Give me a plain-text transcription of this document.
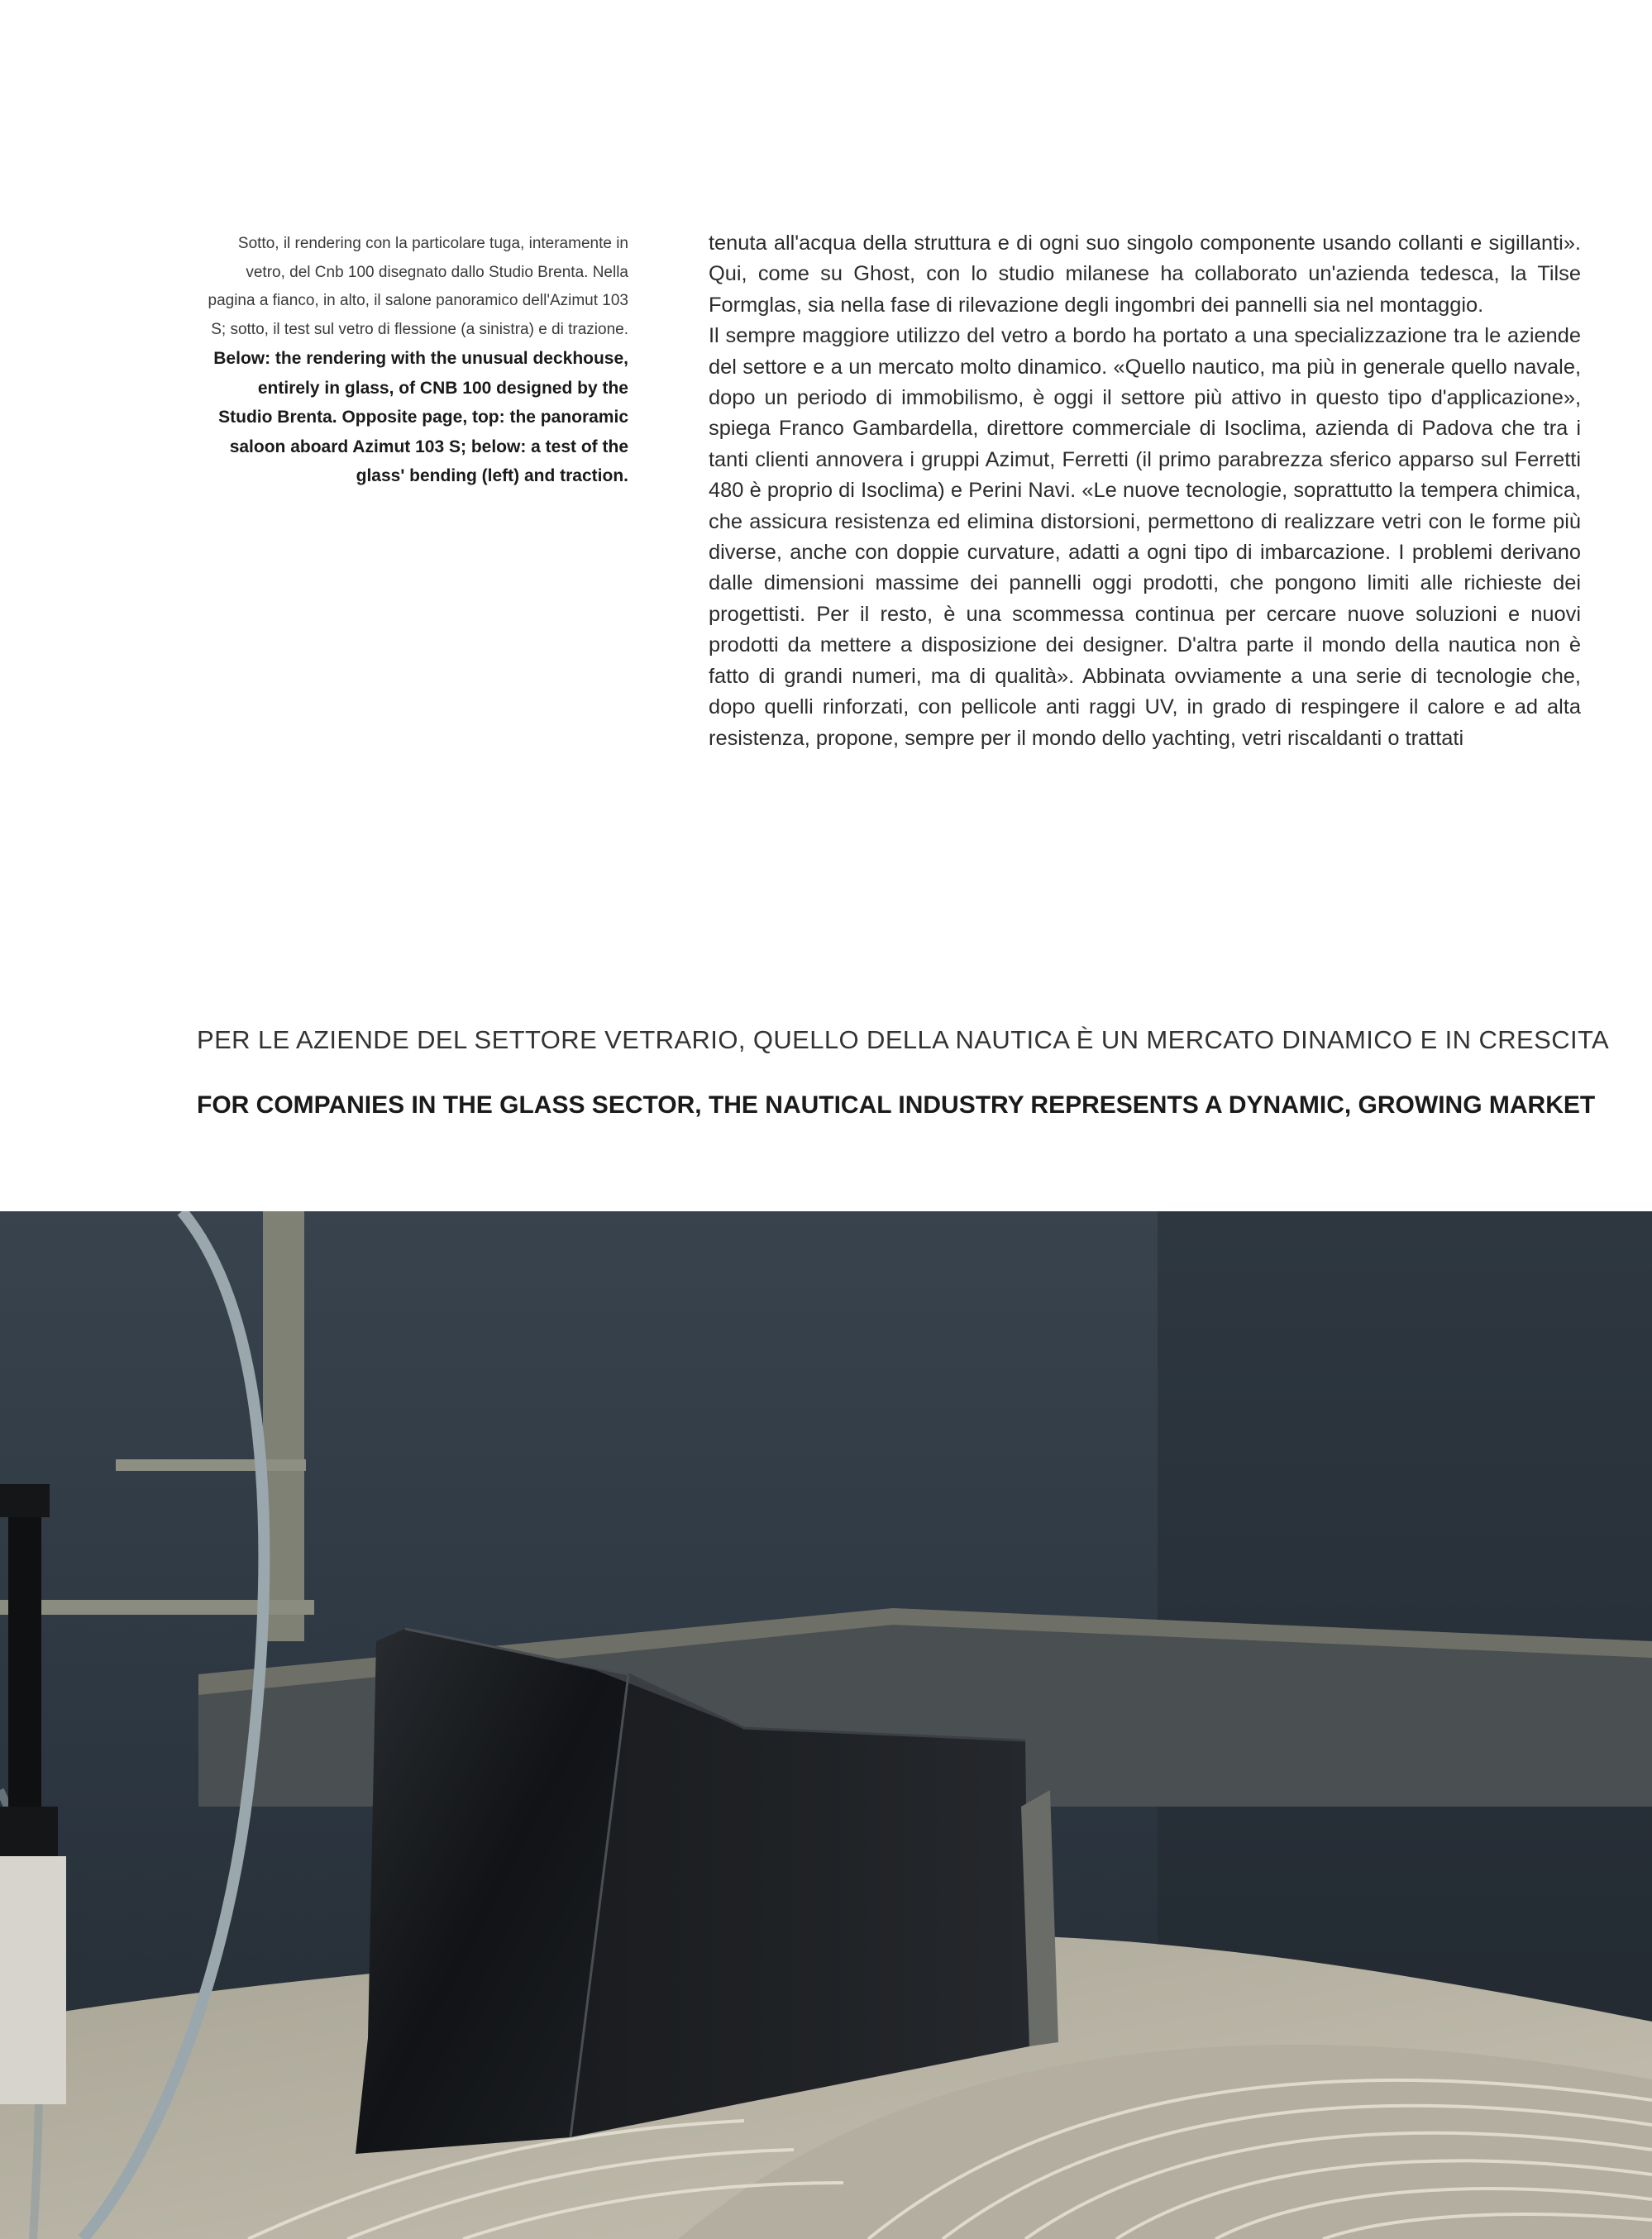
Sotto, il rendering con la particolare tuga, interamente in vetro, del Cnb 100 disegnato dallo Studio Brenta. Nella pagina a fianco, in alto, il salone panoramico dell'Azimut 103 S; sotto, il test sul vetro di flessione (a sinistra) e di trazione.
Below: the rendering with the unusual deckhouse, entirely in glass, of CNB 100 designed by the Studio Brenta. Opposite page, top: the panoramic saloon aboard Azimut 103 S; below: a test of the glass' bending (left) and traction.

tenuta all'acqua della struttura e di ogni suo singolo componente usando collanti e sigillanti». Qui, come su Ghost, con lo studio milanese ha collaborato un'azienda tedesca, la Tilse Formglas, sia nella fase di rilevazione degli ingombri dei pannelli sia nel montaggio.

Il sempre maggiore utilizzo del vetro a bordo ha portato a una specializzazione tra le aziende del settore e a un mercato molto dinamico. «Quello nautico, ma più in generale quello navale, dopo un periodo di immobilismo, è oggi il settore più attivo in questo tipo d'applicazione», spiega Franco Gambardella, direttore commerciale di Isoclima, azienda di Padova che tra i tanti clienti annovera i gruppi Azimut, Ferretti (il primo parabrezza sferico apparso sul Ferretti 480 è proprio di Isoclima) e Perini Navi. «Le nuove tecnologie, soprattutto la tempera chimica, che assicura resistenza ed elimina distorsioni, permettono di realizzare vetri con le forme più diverse, anche con doppie curvature, adatti a ogni tipo di imbarcazione. I problemi derivano dalle dimensioni massime dei pannelli oggi prodotti, che pongono limiti alle richieste dei progettisti. Per il resto, è una scommessa continua per cercare nuove soluzioni e nuovi prodotti da mettere a disposizione dei designer. D'altra parte il mondo della nautica non è fatto di grandi numeri, ma di qualità». Abbinata ovviamente a una serie di tecnologie che, dopo quelli rinforzati, con pellicole anti raggi UV, in grado di respingere il calore e ad alta resistenza, propone, sempre per il mondo dello yachting, vetri riscaldanti o trattati

PER LE AZIENDE DEL SETTORE VETRARIO, QUELLO DELLA NAUTICA È UN MERCATO DINAMICO E IN CRESCITA
FOR COMPANIES IN THE GLASS SECTOR, THE NAUTICAL INDUSTRY REPRESENTS A DYNAMIC, GROWING MARKET
